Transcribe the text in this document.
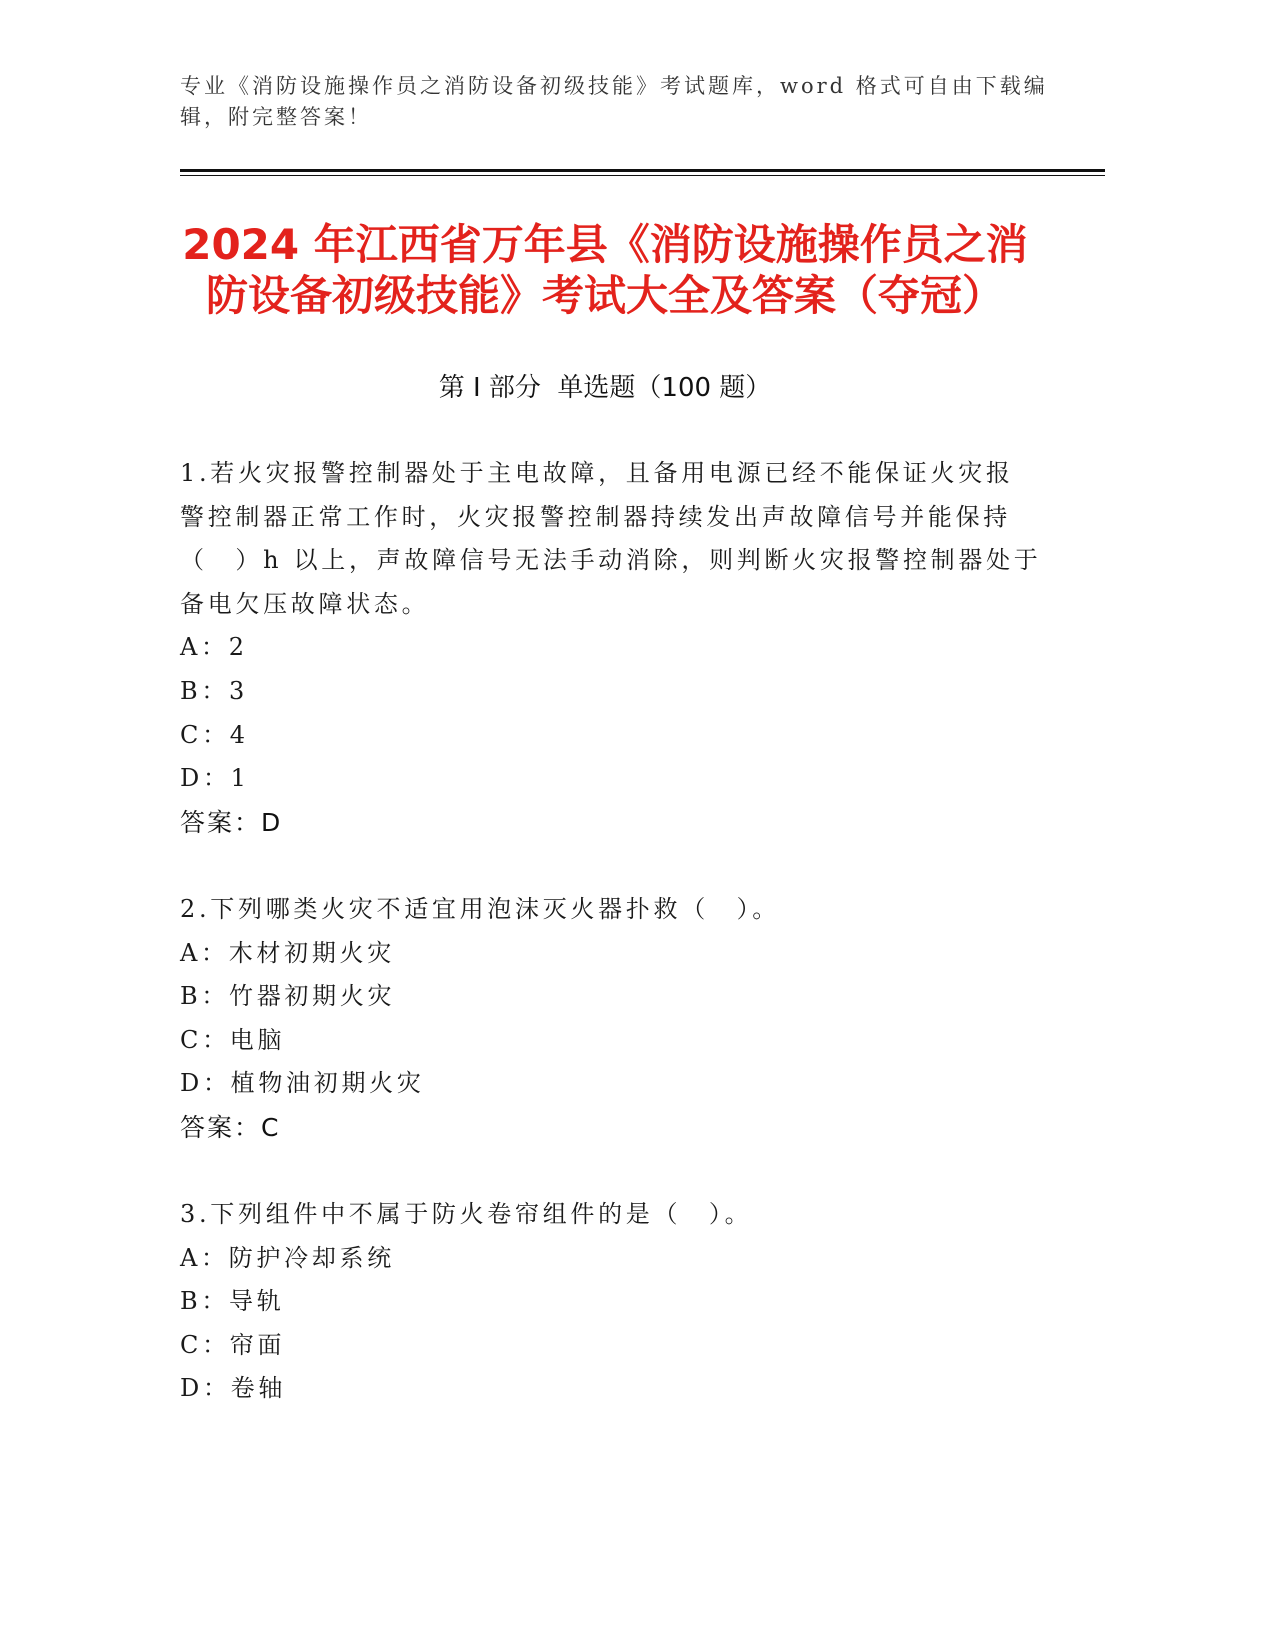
专业《消防设施操作员之消防设备初级技能》考试题库，word 格式可自由下载编
辑，附完整答案！
2024 年江西省万年县《消防设施操作员之消
防设备初级技能》考试大全及答案（夺冠）
第 I 部分  单选题（100 题）
1.若火灾报警控制器处于主电故障，且备用电源已经不能保证火灾报
警控制器正常工作时，火灾报警控制器持续发出声故障信号并能保持
（　）h 以上，声故障信号无法手动消除，则判断火灾报警控制器处于
备电欠压故障状态。
A：2
B：3
C：4
D：1
答案：D
2.下列哪类火灾不适宜用泡沫灭火器扑救（　）。
A：木材初期火灾
B：竹器初期火灾
C：电脑
D：植物油初期火灾
答案：C
3.下列组件中不属于防火卷帘组件的是（　）。
A：防护冷却系统
B：导轨
C：帘面
D：卷轴
